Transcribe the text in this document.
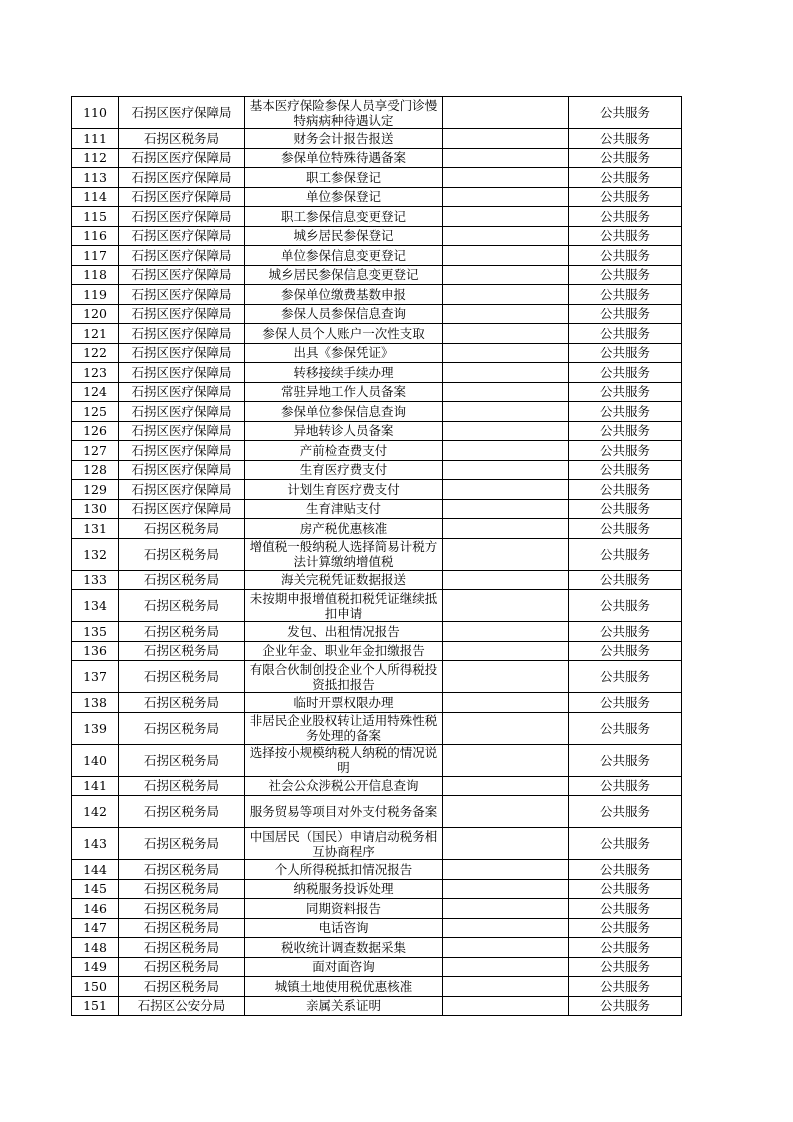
110	石拐区医疗保障局	基本医疗保险参保人员享受门诊慢特病病种待遇认定		公共服务
111	石拐区税务局	财务会计报告报送		公共服务
112	石拐区医疗保障局	参保单位特殊待遇备案		公共服务
113	石拐区医疗保障局	职工参保登记		公共服务
114	石拐区医疗保障局	单位参保登记		公共服务
115	石拐区医疗保障局	职工参保信息变更登记		公共服务
116	石拐区医疗保障局	城乡居民参保登记		公共服务
117	石拐区医疗保障局	单位参保信息变更登记		公共服务
118	石拐区医疗保障局	城乡居民参保信息变更登记		公共服务
119	石拐区医疗保障局	参保单位缴费基数申报		公共服务
120	石拐区医疗保障局	参保人员参保信息查询		公共服务
121	石拐区医疗保障局	参保人员个人账户一次性支取		公共服务
122	石拐区医疗保障局	出具《参保凭证》		公共服务
123	石拐区医疗保障局	转移接续手续办理		公共服务
124	石拐区医疗保障局	常驻异地工作人员备案		公共服务
125	石拐区医疗保障局	参保单位参保信息查询		公共服务
126	石拐区医疗保障局	异地转诊人员备案		公共服务
127	石拐区医疗保障局	产前检查费支付		公共服务
128	石拐区医疗保障局	生育医疗费支付		公共服务
129	石拐区医疗保障局	计划生育医疗费支付		公共服务
130	石拐区医疗保障局	生育津贴支付		公共服务
131	石拐区税务局	房产税优惠核准		公共服务
132	石拐区税务局	增值税一般纳税人选择简易计税方法计算缴纳增值税		公共服务
133	石拐区税务局	海关完税凭证数据报送		公共服务
134	石拐区税务局	未按期申报增值税扣税凭证继续抵扣申请		公共服务
135	石拐区税务局	发包、出租情况报告		公共服务
136	石拐区税务局	企业年金、职业年金扣缴报告		公共服务
137	石拐区税务局	有限合伙制创投企业个人所得税投资抵扣报告		公共服务
138	石拐区税务局	临时开票权限办理		公共服务
139	石拐区税务局	非居民企业股权转让适用特殊性税务处理的备案		公共服务
140	石拐区税务局	选择按小规模纳税人纳税的情况说明		公共服务
141	石拐区税务局	社会公众涉税公开信息查询		公共服务
142	石拐区税务局	服务贸易等项目对外支付税务备案		公共服务
143	石拐区税务局	中国居民（国民）申请启动税务相互协商程序		公共服务
144	石拐区税务局	个人所得税抵扣情况报告		公共服务
145	石拐区税务局	纳税服务投诉处理		公共服务
146	石拐区税务局	同期资料报告		公共服务
147	石拐区税务局	电话咨询		公共服务
148	石拐区税务局	税收统计调查数据采集		公共服务
149	石拐区税务局	面对面咨询		公共服务
150	石拐区税务局	城镇土地使用税优惠核准		公共服务
151	石拐区公安分局	亲属关系证明		公共服务
